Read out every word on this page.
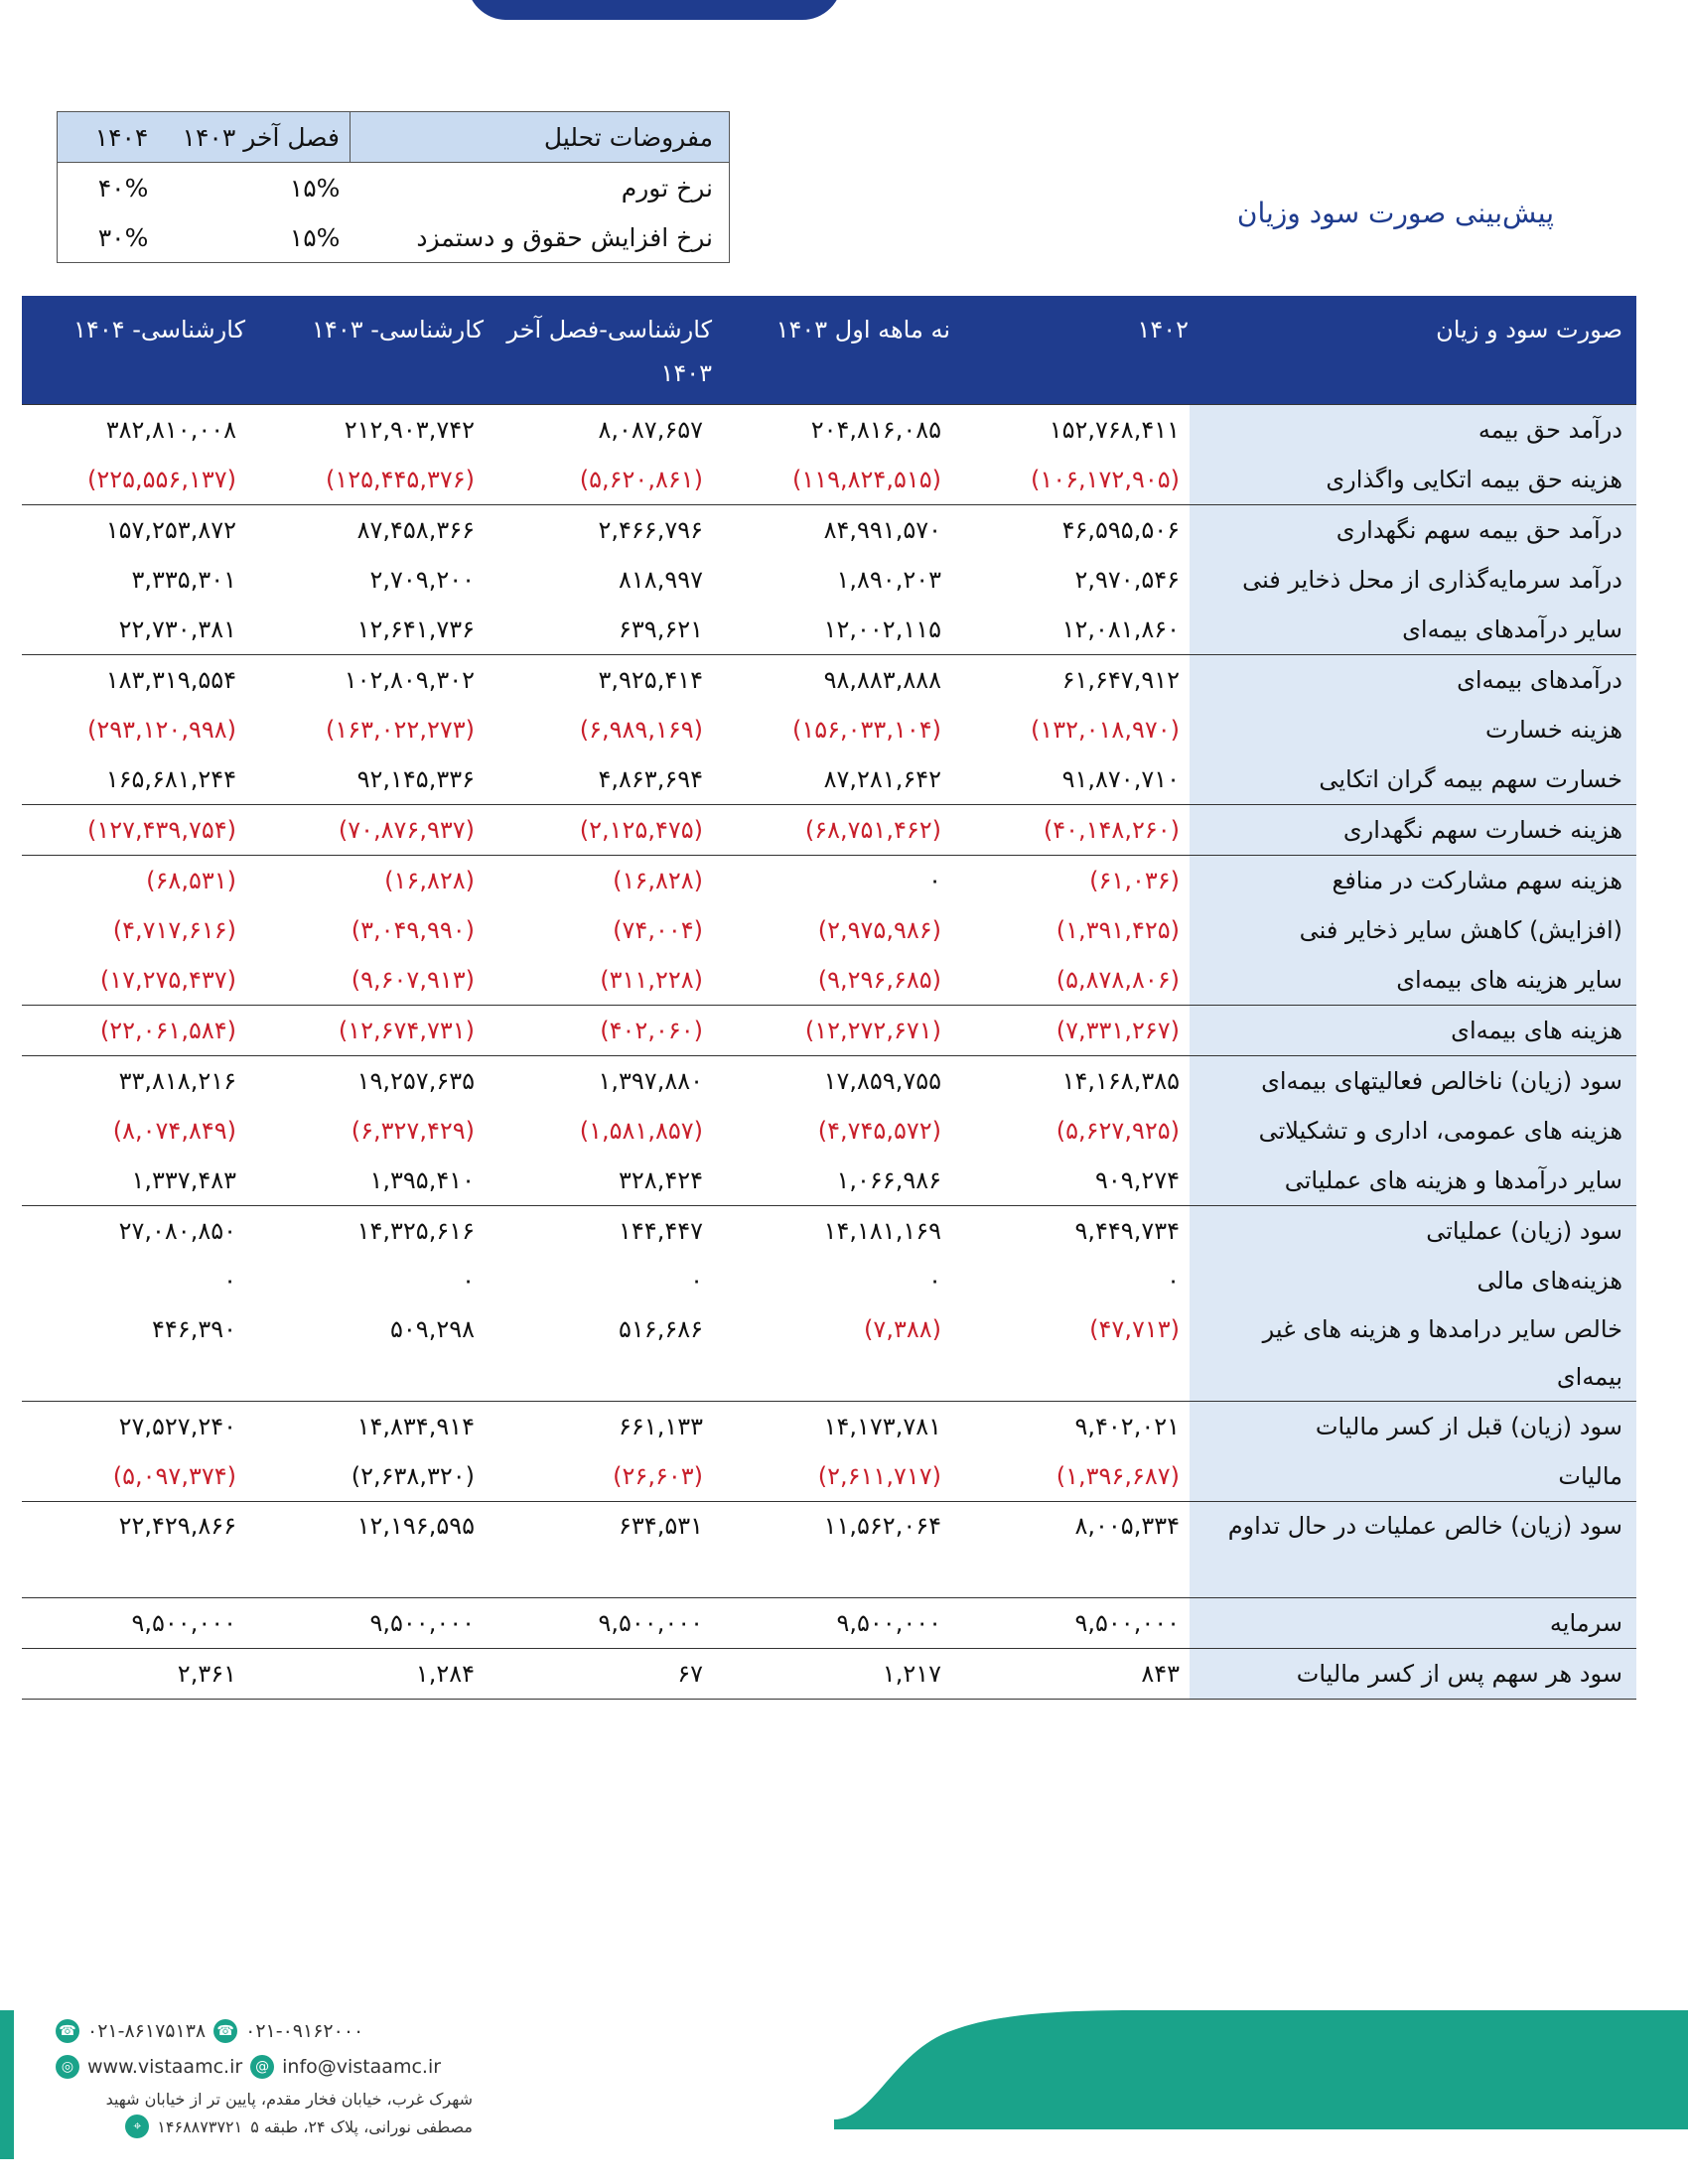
مفروضات تحلیل	فصل آخر ۱۴۰۳	۱۴۰۴
نرخ تورم	۱۵%	۴۰%
نرخ افزایش حقوق و دستمزد	۱۵%	۳۰%
پیش‌بینی صورت سود وزیان
صورت سود و زیان	۱۴۰۲	نه ماهه اول ۱۴۰۳	کارشناسی-فصل آخر ۱۴۰۳	کارشناسی- ۱۴۰۳	کارشناسی- ۱۴۰۴
درآمد حق بیمه	۱۵۲,۷۶۸,۴۱۱	۲۰۴,۸۱۶,۰۸۵	۸,۰۸۷,۶۵۷	۲۱۲,۹۰۳,۷۴۲	۳۸۲,۸۱۰,۰۰۸
هزینه حق بیمه اتکایی واگذاری	(۱۰۶,۱۷۲,۹۰۵)	(۱۱۹,۸۲۴,۵۱۵)	(۵,۶۲۰,۸۶۱)	(۱۲۵,۴۴۵,۳۷۶)	(۲۲۵,۵۵۶,۱۳۷)
درآمد حق بیمه سهم نگهداری	۴۶,۵۹۵,۵۰۶	۸۴,۹۹۱,۵۷۰	۲,۴۶۶,۷۹۶	۸۷,۴۵۸,۳۶۶	۱۵۷,۲۵۳,۸۷۲
درآمد سرمایه‌گذاری از محل ذخایر فنی	۲,۹۷۰,۵۴۶	۱,۸۹۰,۲۰۳	۸۱۸,۹۹۷	۲,۷۰۹,۲۰۰	۳,۳۳۵,۳۰۱
سایر درآمدهای بیمه‌ای	۱۲,۰۸۱,۸۶۰	۱۲,۰۰۲,۱۱۵	۶۳۹,۶۲۱	۱۲,۶۴۱,۷۳۶	۲۲,۷۳۰,۳۸۱
درآمدهای بیمه‌ای	۶۱,۶۴۷,۹۱۲	۹۸,۸۸۳,۸۸۸	۳,۹۲۵,۴۱۴	۱۰۲,۸۰۹,۳۰۲	۱۸۳,۳۱۹,۵۵۴
هزینه خسارت	(۱۳۲,۰۱۸,۹۷۰)	(۱۵۶,۰۳۳,۱۰۴)	(۶,۹۸۹,۱۶۹)	(۱۶۳,۰۲۲,۲۷۳)	(۲۹۳,۱۲۰,۹۹۸)
خسارت سهم بیمه گران اتکایی	۹۱,۸۷۰,۷۱۰	۸۷,۲۸۱,۶۴۲	۴,۸۶۳,۶۹۴	۹۲,۱۴۵,۳۳۶	۱۶۵,۶۸۱,۲۴۴
هزینه خسارت سهم نگهداری	(۴۰,۱۴۸,۲۶۰)	(۶۸,۷۵۱,۴۶۲)	(۲,۱۲۵,۴۷۵)	(۷۰,۸۷۶,۹۳۷)	(۱۲۷,۴۳۹,۷۵۴)
هزینه سهم مشارکت در منافع	(۶۱,۰۳۶)	۰	(۱۶,۸۲۸)	(۱۶,۸۲۸)	(۶۸,۵۳۱)
(افزایش) کاهش سایر ذخایر فنی	(۱,۳۹۱,۴۲۵)	(۲,۹۷۵,۹۸۶)	(۷۴,۰۰۴)	(۳,۰۴۹,۹۹۰)	(۴,۷۱۷,۶۱۶)
سایر هزینه های بیمه‌ای	(۵,۸۷۸,۸۰۶)	(۹,۲۹۶,۶۸۵)	(۳۱۱,۲۲۸)	(۹,۶۰۷,۹۱۳)	(۱۷,۲۷۵,۴۳۷)
هزینه های بیمه‌ای	(۷,۳۳۱,۲۶۷)	(۱۲,۲۷۲,۶۷۱)	(۴۰۲,۰۶۰)	(۱۲,۶۷۴,۷۳۱)	(۲۲,۰۶۱,۵۸۴)
سود (زیان) ناخالص فعالیتهای بیمه‌ای	۱۴,۱۶۸,۳۸۵	۱۷,۸۵۹,۷۵۵	۱,۳۹۷,۸۸۰	۱۹,۲۵۷,۶۳۵	۳۳,۸۱۸,۲۱۶
هزینه های عمومی، اداری و تشکیلاتی	(۵,۶۲۷,۹۲۵)	(۴,۷۴۵,۵۷۲)	(۱,۵۸۱,۸۵۷)	(۶,۳۲۷,۴۲۹)	(۸,۰۷۴,۸۴۹)
سایر درآمدها و هزینه های عملیاتی	۹۰۹,۲۷۴	۱,۰۶۶,۹۸۶	۳۲۸,۴۲۴	۱,۳۹۵,۴۱۰	۱,۳۳۷,۴۸۳
سود (زیان) عملیاتی	۹,۴۴۹,۷۳۴	۱۴,۱۸۱,۱۶۹	۱۴۴,۴۴۷	۱۴,۳۲۵,۶۱۶	۲۷,۰۸۰,۸۵۰
هزینه‌های مالی	۰	۰	۰	۰	۰
خالص سایر درامدها و هزینه های غیر بیمه‌ای	(۴۷,۷۱۳)	(۷,۳۸۸)	۵۱۶,۶۸۶	۵۰۹,۲۹۸	۴۴۶,۳۹۰
سود (زیان) قبل از کسر مالیات	۹,۴۰۲,۰۲۱	۱۴,۱۷۳,۷۸۱	۶۶۱,۱۳۳	۱۴,۸۳۴,۹۱۴	۲۷,۵۲۷,۲۴۰
مالیات	(۱,۳۹۶,۶۸۷)	(۲,۶۱۱,۷۱۷)	(۲۶,۶۰۳)	(۲,۶۳۸,۳۲۰)	(۵,۰۹۷,۳۷۴)
سود (زیان) خالص عملیات در حال تداوم	۸,۰۰۵,۳۳۴	۱۱,۵۶۲,۰۶۴	۶۳۴,۵۳۱	۱۲,۱۹۶,۵۹۵	۲۲,۴۲۹,۸۶۶
سرمایه	۹,۵۰۰,۰۰۰	۹,۵۰۰,۰۰۰	۹,۵۰۰,۰۰۰	۹,۵۰۰,۰۰۰	۹,۵۰۰,۰۰۰
سود هر سهم پس از کسر مالیات	۸۴۳	۱,۲۱۷	۶۷	۱,۲۸۴	۲,۳۶۱
☎ ۰۲۱-۸۶۱۷۵۱۳۸ ☎ ۰۲۱-۰۹۱۶۲۰۰۰
◎ www.vistaamc.ir @ info@vistaamc.ir
شهرک غرب، خیابان فخار مقدم، پایین تر از خیابان شهید
مصطفی نورانی، پلاک ۲۴، طبقه ۵
۱۴۶۸۸۷۳۷۲۱
⌖
